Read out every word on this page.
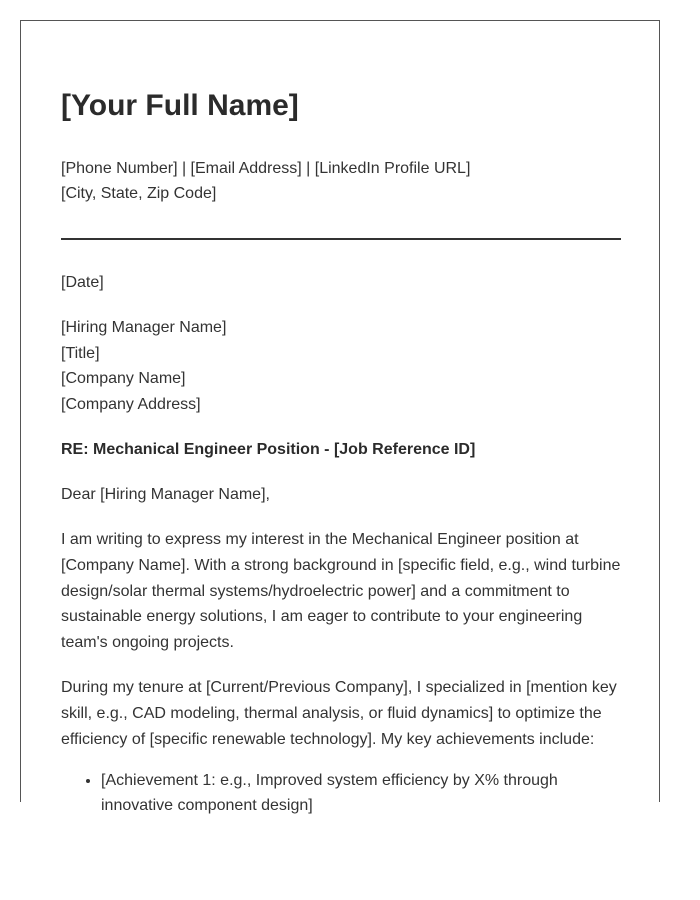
[Your Full Name]
[Phone Number] | [Email Address] | [LinkedIn Profile URL]
[City, State, Zip Code]
[Date]
[Hiring Manager Name]
[Title]
[Company Name]
[Company Address]
RE: Mechanical Engineer Position - [Job Reference ID]
Dear [Hiring Manager Name],

I am writing to express my interest in the Mechanical Engineer position at [Company Name]. With a strong background in [specific field, e.g., wind turbine design/solar thermal systems/hydroelectric power] and a commitment to sustainable energy solutions, I am eager to contribute to your engineering team's ongoing projects.

During my tenure at [Current/Previous Company], I specialized in [mention key skill, e.g., CAD modeling, thermal analysis, or fluid dynamics] to optimize the efficiency of [specific renewable technology]. My key achievements include:

• [Achievement 1: e.g., Improved system efficiency by X% through innovative component design]
